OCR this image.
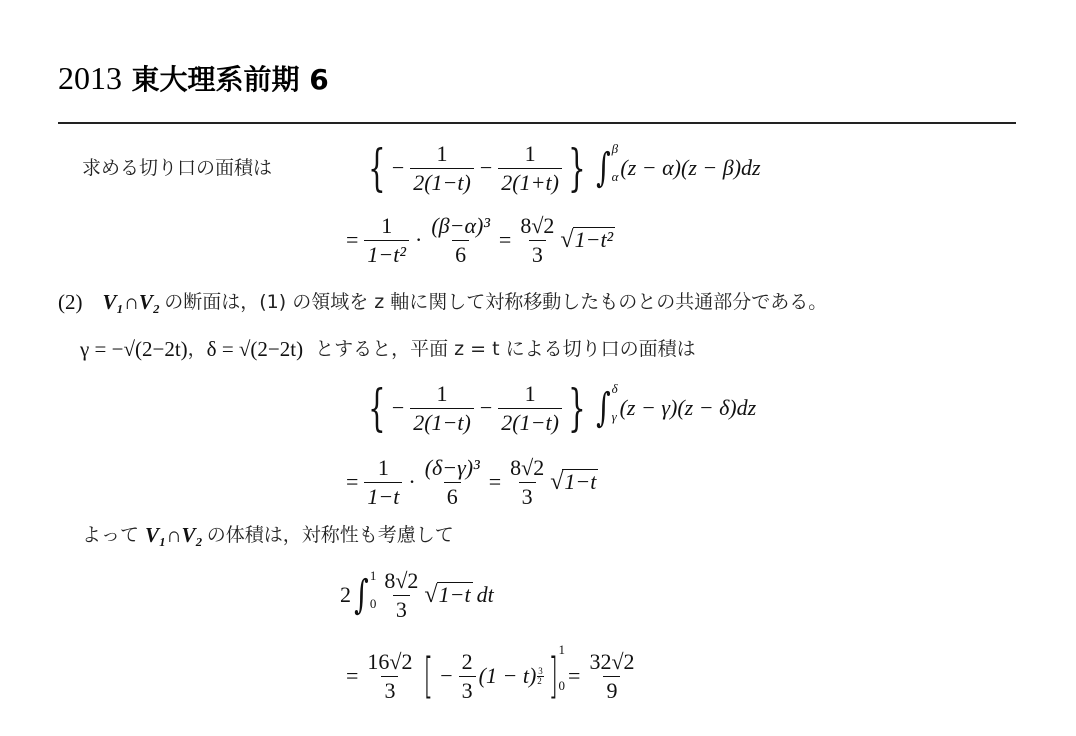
2013 東大理系前期 6
求める切り口の面積は { − $\frac{1}{2(1-t)} - \frac{1}{2(1+t)}$ } ∫ β
α (z − α)(z − β)dz
= $\frac{1}{\text{1−t²}} \cdot \frac{\text{(β−α)³}}{6} = \frac{8√2}{3}$ √ 1−t²
(2) V₁∩V₂ の断面は，(1) の領域を z 軸に関して対称移動したものとの共通部分である。
γ = −√(2−2t) ， δ = √(2−2t) とすると，平面 z = t による切り口の面積は
{ − $\frac{1}{2(1-t)} - \frac{1}{2(1-t)}$ } ∫ δ
γ (z − γ)(z − δ)dz
= $\frac{1}{1-t} \cdot \frac{\text{(δ−γ)³}}{6} = \frac{8√2}{3}$ √ 1−t
よって V₁∩V₂ の体積は，対称性も考慮して
2 ∫ 1
$0 \frac{8√2}{3}$ √ 1−t dt
= $\frac{16√2}{3}$ [ − $\frac{2}{3} (1 - t)$ 3
2 ] 1
$0 = \frac{32√2}{9}$
